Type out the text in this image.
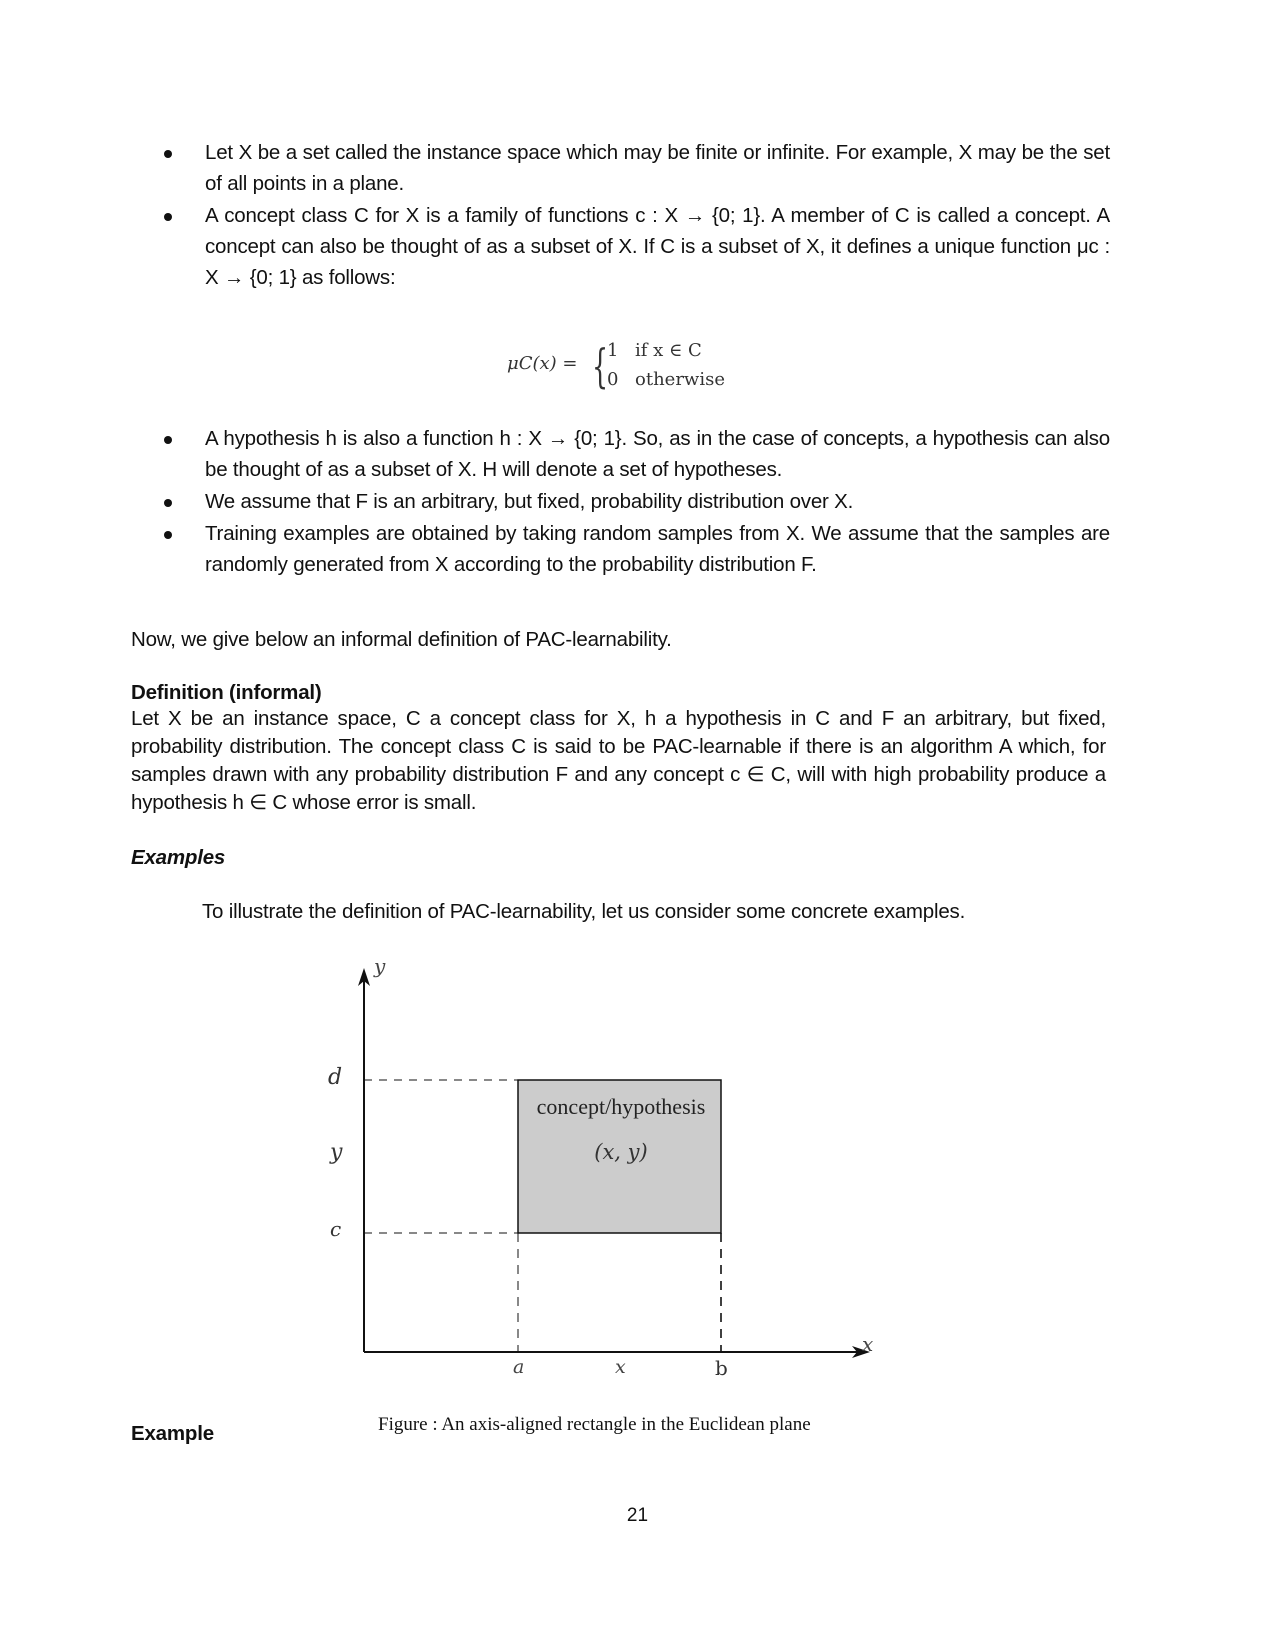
Let X be a set called the instance space which may be finite or infinite. For example, X may be the set of all points in a plane.
A concept class C for X is a family of functions c : X → {0; 1}. A member of C is called a concept. A concept can also be thought of as a subset of X. If C is a subset of X, it defines a unique function μᴄ : X → {0; 1} as follows:
μC(x) = {
1 if x ∈ C
0 otherwise
A hypothesis h is also a function h : X → {0; 1}. So, as in the case of concepts, a hypothesis can also be thought of as a subset of X. H will denote a set of hypotheses.
We assume that F is an arbitrary, but fixed, probability distribution over X.
Training examples are obtained by taking random samples from X. We assume that the samples are randomly generated from X according to the probability distribution F.
Now, we give below an informal definition of PAC-learnability.
Definition (informal)
Let X be an instance space, C a concept class for X, h a hypothesis in C and F an arbitrary, but fixed, probability distribution. The concept class C is said to be PAC-learnable if there is an algorithm A which, for samples drawn with any probability distribution F and any concept c ∈ C, will with high probability produce a hypothesis h ∈ C whose error is small.
Examples
To illustrate the definition of PAC-learnability, let us consider some concrete examples.
y
d
y
c
a	x	b
x
concept/hypothesis
(x, y)
Figure : An axis-aligned rectangle in the Euclidean plane
Example
21
